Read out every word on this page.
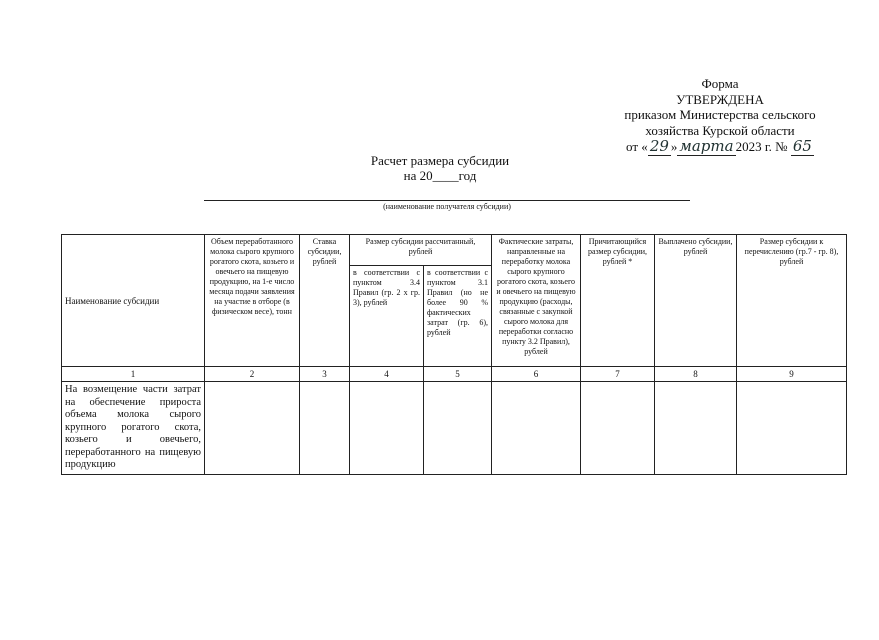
Форма
УТВЕРЖДЕНА
приказом Министерства сельского
хозяйства Курской области
от « 29 » марта 2023 г. № 65
Расчет размера субсидии
на 20____год
(наименование получателя субсидии)
Наименование субсидии	Объем переработанного молока сырого крупного рогатого скота, козьего и овечьего на пищевую продукцию, на 1-е число месяца подачи заявления на участие в отборе (в физическом весе), тонн	Ставка субсидии, рублей	Размер субсидии рассчитанный, рублей		Фактические затраты, направленные на переработку молока сырого крупного рогатого скота, козьего и овечьего на пищевую продукцию (расходы, связанные с закупкой сырого молока для переработки согласно пункту 3.2 Правил), рублей	Причитающийся размер субсидии, рублей *	Выплачено субсидии, рублей	Размер субсидии к перечислению (гр.7 - гр. 8), рублей
			в соответствии с пунктом 3.4 Правил (гр. 2 х гр. 3), рублей	в соответствии с пунктом 3.1 Правил (но не более 90 % фактических затрат (гр. 6), рублей				
1	2	3	4	5	6	7	8	9
На возмещение части затрат на обеспечение прироста объема молока сырого крупного рогатого скота, козьего и овечьего, переработанного на пищевую продукцию								
